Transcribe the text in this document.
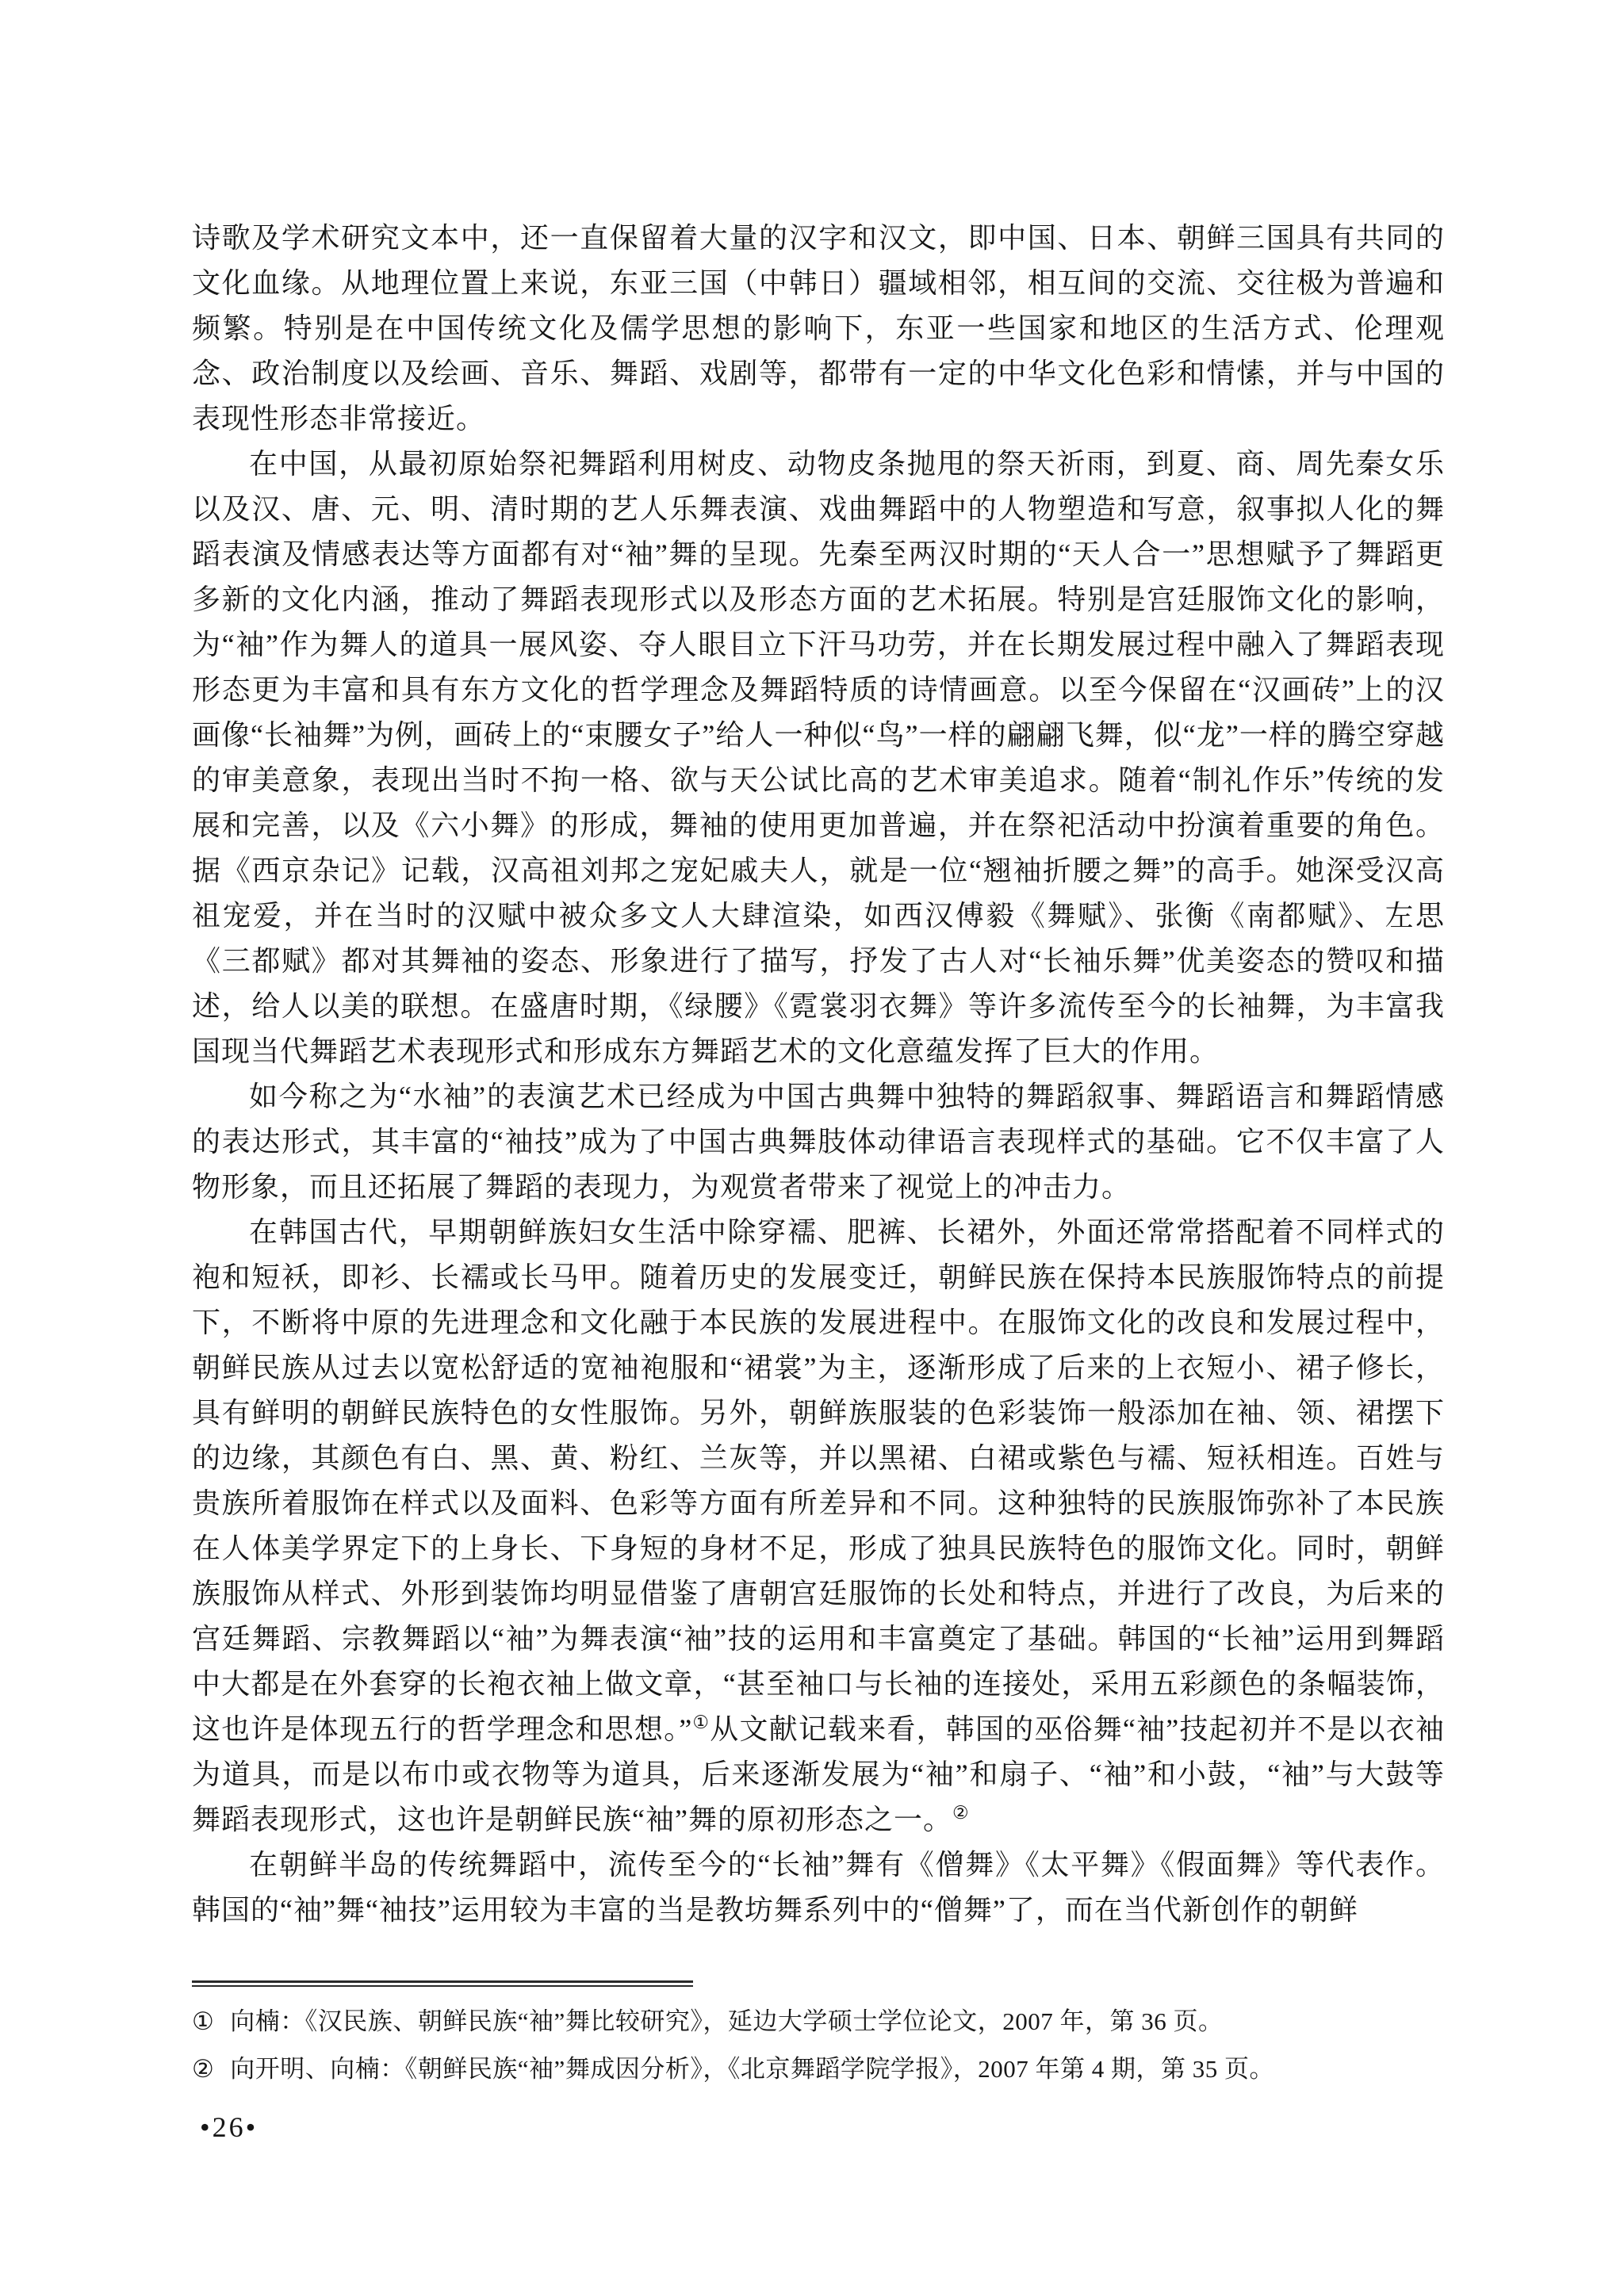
诗歌及学术研究文本中，还一直保留着大量的汉字和汉文，即中国、日本、朝鲜三国具有共同的文化血缘。从地理位置上来说，东亚三国（中韩日）疆域相邻，相互间的交流、交往极为普遍和频繁。特别是在中国传统文化及儒学思想的影响下，东亚一些国家和地区的生活方式、伦理观念、政治制度以及绘画、音乐、舞蹈、戏剧等，都带有一定的中华文化色彩和情愫，并与中国的表现性形态非常接近。

在中国，从最初原始祭祀舞蹈利用树皮、动物皮条抛甩的祭天祈雨，到夏、商、周先秦女乐以及汉、唐、元、明、清时期的艺人乐舞表演、戏曲舞蹈中的人物塑造和写意，叙事拟人化的舞蹈表演及情感表达等方面都有对“袖”舞的呈现。先秦至两汉时期的“天人合一”思想赋予了舞蹈更多新的文化内涵，推动了舞蹈表现形式以及形态方面的艺术拓展。特别是宫廷服饰文化的影响，为“袖”作为舞人的道具一展风姿、夺人眼目立下汗马功劳，并在长期发展过程中融入了舞蹈表现形态更为丰富和具有东方文化的哲学理念及舞蹈特质的诗情画意。以至今保留在“汉画砖”上的汉画像“长袖舞”为例，画砖上的“束腰女子”给人一种似“鸟”一样的翩翩飞舞，似“龙”一样的腾空穿越的审美意象，表现出当时不拘一格、欲与天公试比高的艺术审美追求。随着“制礼作乐”传统的发展和完善，以及《六小舞》的形成，舞袖的使用更加普遍，并在祭祀活动中扮演着重要的角色。据《西京杂记》记载，汉高祖刘邦之宠妃戚夫人，就是一位“翘袖折腰之舞”的高手。她深受汉高祖宠爱，并在当时的汉赋中被众多文人大肆渲染，如西汉傅毅《舞赋》、张衡《南都赋》、左思《三都赋》都对其舞袖的姿态、形象进行了描写，抒发了古人对“长袖乐舞”优美姿态的赞叹和描述，给人以美的联想。在盛唐时期，《绿腰》《霓裳羽衣舞》等许多流传至今的长袖舞，为丰富我国现当代舞蹈艺术表现形式和形成东方舞蹈艺术的文化意蕴发挥了巨大的作用。

如今称之为“水袖”的表演艺术已经成为中国古典舞中独特的舞蹈叙事、舞蹈语言和舞蹈情感的表达形式，其丰富的“袖技”成为了中国古典舞肢体动律语言表现样式的基础。它不仅丰富了人物形象，而且还拓展了舞蹈的表现力，为观赏者带来了视觉上的冲击力。

在韩国古代，早期朝鲜族妇女生活中除穿襦、肥裤、长裙外，外面还常常搭配着不同样式的袍和短袄，即衫、长襦或长马甲。随着历史的发展变迁，朝鲜民族在保持本民族服饰特点的前提下，不断将中原的先进理念和文化融于本民族的发展进程中。在服饰文化的改良和发展过程中，朝鲜民族从过去以宽松舒适的宽袖袍服和“裙裳”为主，逐渐形成了后来的上衣短小、裙子修长，具有鲜明的朝鲜民族特色的女性服饰。另外，朝鲜族服装的色彩装饰一般添加在袖、领、裙摆下的边缘，其颜色有白、黑、黄、粉红、兰灰等，并以黑裙、白裙或紫色与襦、短袄相连。百姓与贵族所着服饰在样式以及面料、色彩等方面有所差异和不同。这种独特的民族服饰弥补了本民族在人体美学界定下的上身长、下身短的身材不足，形成了独具民族特色的服饰文化。同时，朝鲜族服饰从样式、外形到装饰均明显借鉴了唐朝宫廷服饰的长处和特点，并进行了改良，为后来的宫廷舞蹈、宗教舞蹈以“袖”为舞表演“袖”技的运用和丰富奠定了基础。韩国的“长袖”运用到舞蹈中大都是在外套穿的长袍衣袖上做文章，“甚至袖口与长袖的连接处，采用五彩颜色的条幅装饰，这也许是体现五行的哲学理念和思想。”①从文献记载来看，韩国的巫俗舞“袖”技起初并不是以衣袖为道具，而是以布巾或衣物等为道具，后来逐渐发展为“袖”和扇子、“袖”和小鼓，“袖”与大鼓等舞蹈表现形式，这也许是朝鲜民族“袖”舞的原初形态之一。②

在朝鲜半岛的传统舞蹈中，流传至今的“长袖”舞有《僧舞》《太平舞》《假面舞》等代表作。韩国的“袖”舞“袖技”运用较为丰富的当是教坊舞系列中的“僧舞”了，而在当代新创作的朝鲜

① 向楠：《汉民族、朝鲜民族“袖”舞比较研究》，延边大学硕士学位论文，2007 年，第 36 页。
② 向开明、向楠：《朝鲜民族“袖”舞成因分析》，《北京舞蹈学院学报》，2007 年第 4 期，第 35 页。
•26•
